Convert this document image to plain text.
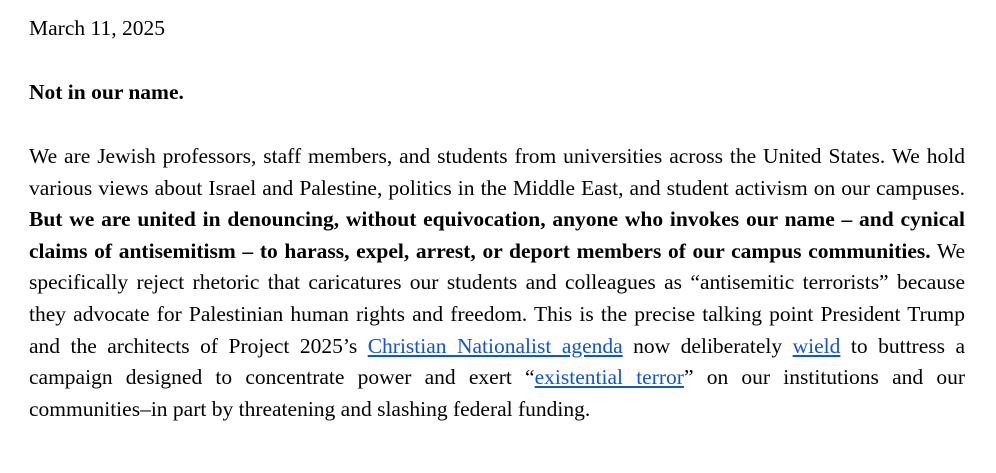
March 11, 2025
Not in our name.

We are Jewish professors, staff members, and students from universities across the United States. We hold various views about Israel and Palestine, politics in the Middle East, and student activism on our campuses. But we are united in denouncing, without equivocation, anyone who invokes our name – and cynical claims of antisemitism – to harass, expel, arrest, or deport members of our campus communities. We specifically reject rhetoric that caricatures our students and colleagues as “antisemitic terrorists” because they advocate for Palestinian human rights and freedom. This is the precise talking point President Trump and the architects of Project 2025’s Christian Nationalist agenda now deliberately wield to buttress a campaign designed to concentrate power and exert “existential terror” on our institutions and our communities–in part by threatening and slashing federal funding.
